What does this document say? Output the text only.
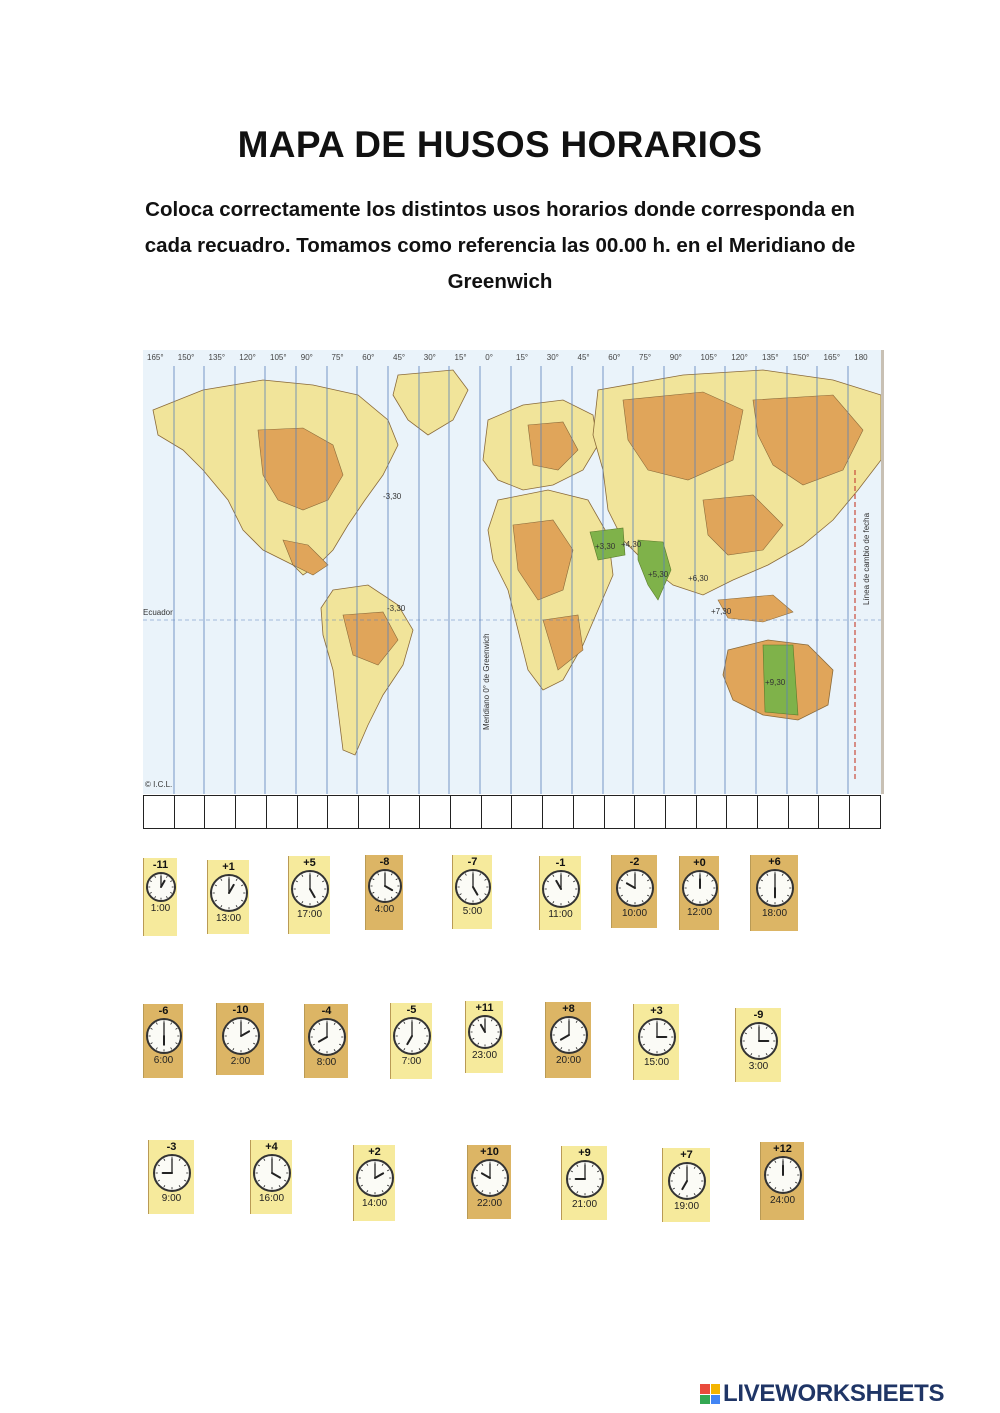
MAPA DE HUSOS HORARIOS
Coloca correctamente los distintos usos horarios donde corresponda en cada recuadro. Tomamos como referencia las 00.00 h. en el Meridiano de Greenwich
165° 150° 135° 120° 105° 90° 75° 60° 45° 30° 15° 0°	15° 30° 45° 60° 75° 90° 105° 120° 135° 150° 165° 180
Ecuador
© I.C.L.
-3,30
-3,30
+3,30 +4,30
+5,30 +6,30
+7,30
+9,30
Meridiano 0° de Greenwich
Línea de cambio de fecha
-11
1:00
+1
13:00
+5
17:00
-8
4:00
-7
5:00
-1
11:00
-2
10:00
+0
12:00
+6
18:00
-6
6:00
-10
2:00
-4
8:00
-5
7:00
+11
23:00
+8
20:00
+3
15:00
-9
3:00
-3
9:00
+4
16:00
+2
14:00
+10
22:00
+9
21:00
+7
19:00
+12
24:00
LIVEWORKSHEETS
